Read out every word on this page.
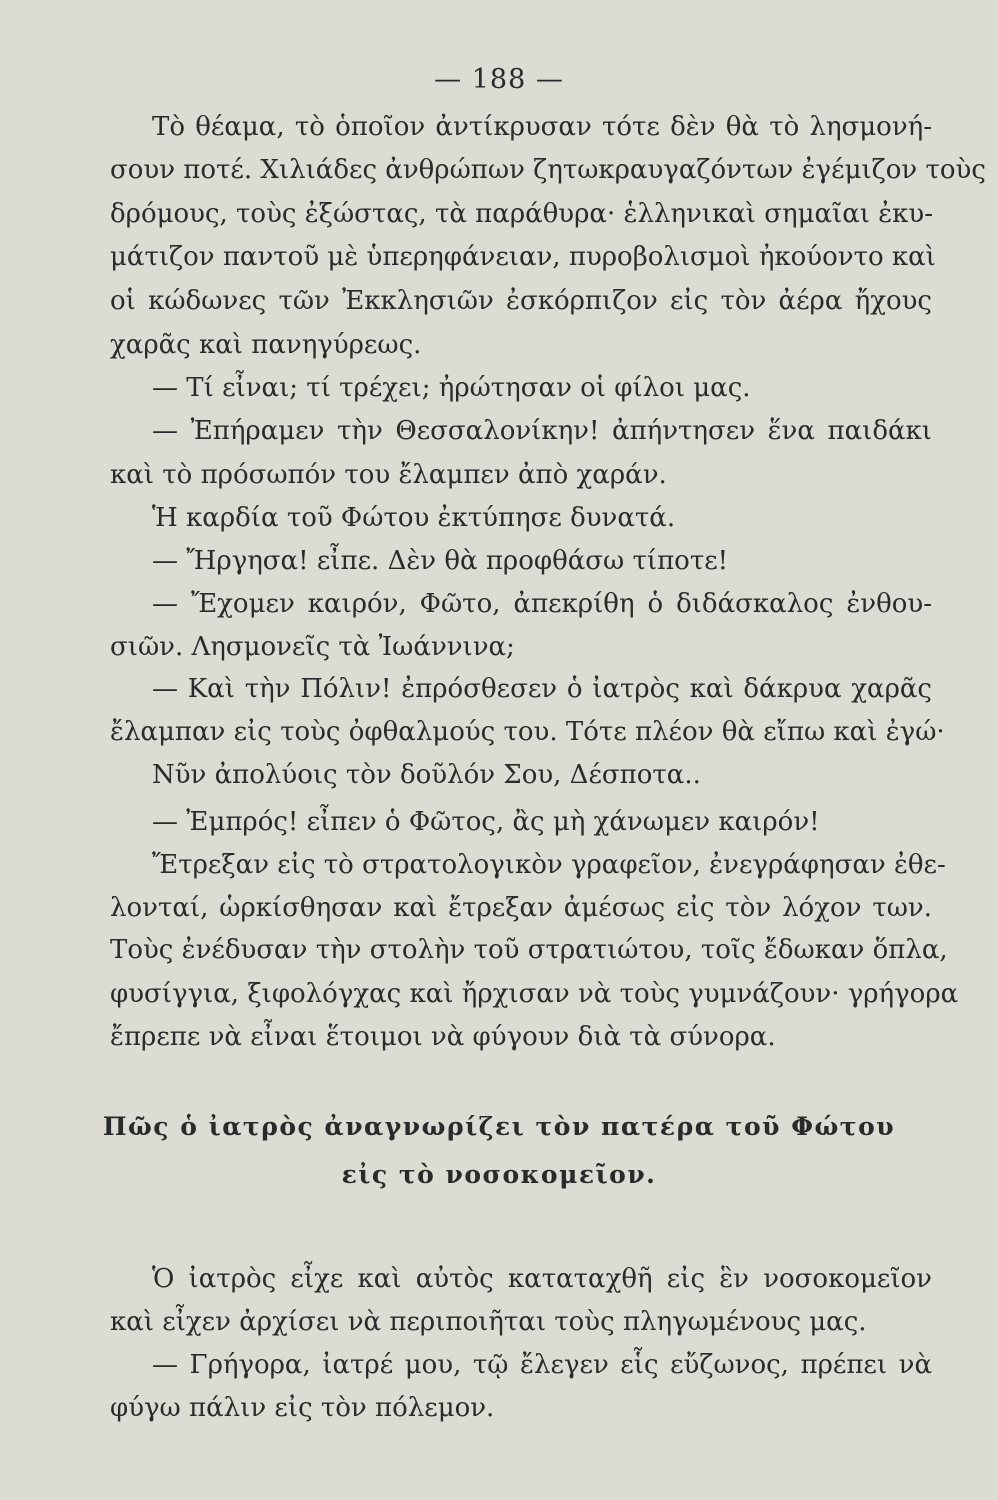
— 188 —
Τὸ θέαμα, τὸ ὁποῖον ἀντίκρυσαν τότε δὲν θὰ τὸ λησμονή-
σουν ποτέ. Χιλιάδες ἀνθρώπων ζητωκραυγαζόντων ἐγέμιζον τοὺς
δρόμους, τοὺς ἐξώστας, τὰ παράθυρα· ἑλληνικαὶ σημαῖαι ἐκυ-
μάτιζον παντοῦ μὲ ὑπερηφάνειαν, πυροβολισμοὶ ἠκούοντο καὶ
οἱ κώδωνες τῶν Ἐκκλησιῶν ἐσκόρπιζον εἰς τὸν ἀέρα ἤχους
χαρᾶς καὶ πανηγύρεως.
— Τί εἶναι; τί τρέχει; ἠρώτησαν οἱ φίλοι μας.
— Ἐπήραμεν τὴν Θεσσαλονίκην! ἀπήντησεν ἕνα παιδάκι
καὶ τὸ πρόσωπόν του ἔλαμπεν ἀπὸ χαράν.
Ἡ καρδία τοῦ Φώτου ἐκτύπησε δυνατά.
— Ἤργησα! εἶπε. Δὲν θὰ προφθάσω τίποτε!
— Ἔχομεν καιρόν, Φῶτο, ἀπεκρίθη ὁ διδάσκαλος ἐνθου-
σιῶν. Λησμονεῖς τὰ Ἰωάννινα;
— Καὶ τὴν Πόλιν! ἐπρόσθεσεν ὁ ἰατρὸς καὶ δάκρυα χαρᾶς
ἔλαμπαν εἰς τοὺς ὀφθαλμούς του. Τότε πλέον θὰ εἴπω καὶ ἐγώ·
Νῦν ἀπολύοις τὸν δοῦλόν Σου, Δέσποτα..
— Ἐμπρός! εἶπεν ὁ Φῶτος, ἂς μὴ χάνωμεν καιρόν!
Ἔτρεξαν εἰς τὸ στρατολογικὸν γραφεῖον, ἐνεγράφησαν ἐθε-
λονταί, ὡρκίσθησαν καὶ ἔτρεξαν ἀμέσως εἰς τὸν λόχον των.
Τοὺς ἐνέδυσαν τὴν στολὴν τοῦ στρατιώτου, τοῖς ἔδωκαν ὅπλα,
φυσίγγια, ξιφολόγχας καὶ ἤρχισαν νὰ τοὺς γυμνάζουν· γρήγορα
ἔπρεπε νὰ εἶναι ἕτοιμοι νὰ φύγουν διὰ τὰ σύνορα.
Πῶς ὁ ἰατρὸς ἀναγνωρίζει τὸν πατέρα τοῦ Φώτου
εἰς τὸ νοσοκομεῖον.
Ὁ ἰατρὸς εἶχε καὶ αὐτὸς καταταχθῆ εἰς ἓν νοσοκομεῖον
καὶ εἶχεν ἀρχίσει νὰ περιποιῆται τοὺς πληγωμένους μας.
— Γρήγορα, ἰατρέ μου, τῷ ἔλεγεν εἷς εὔζωνος, πρέπει νὰ
φύγω πάλιν εἰς τὸν πόλεμον.
